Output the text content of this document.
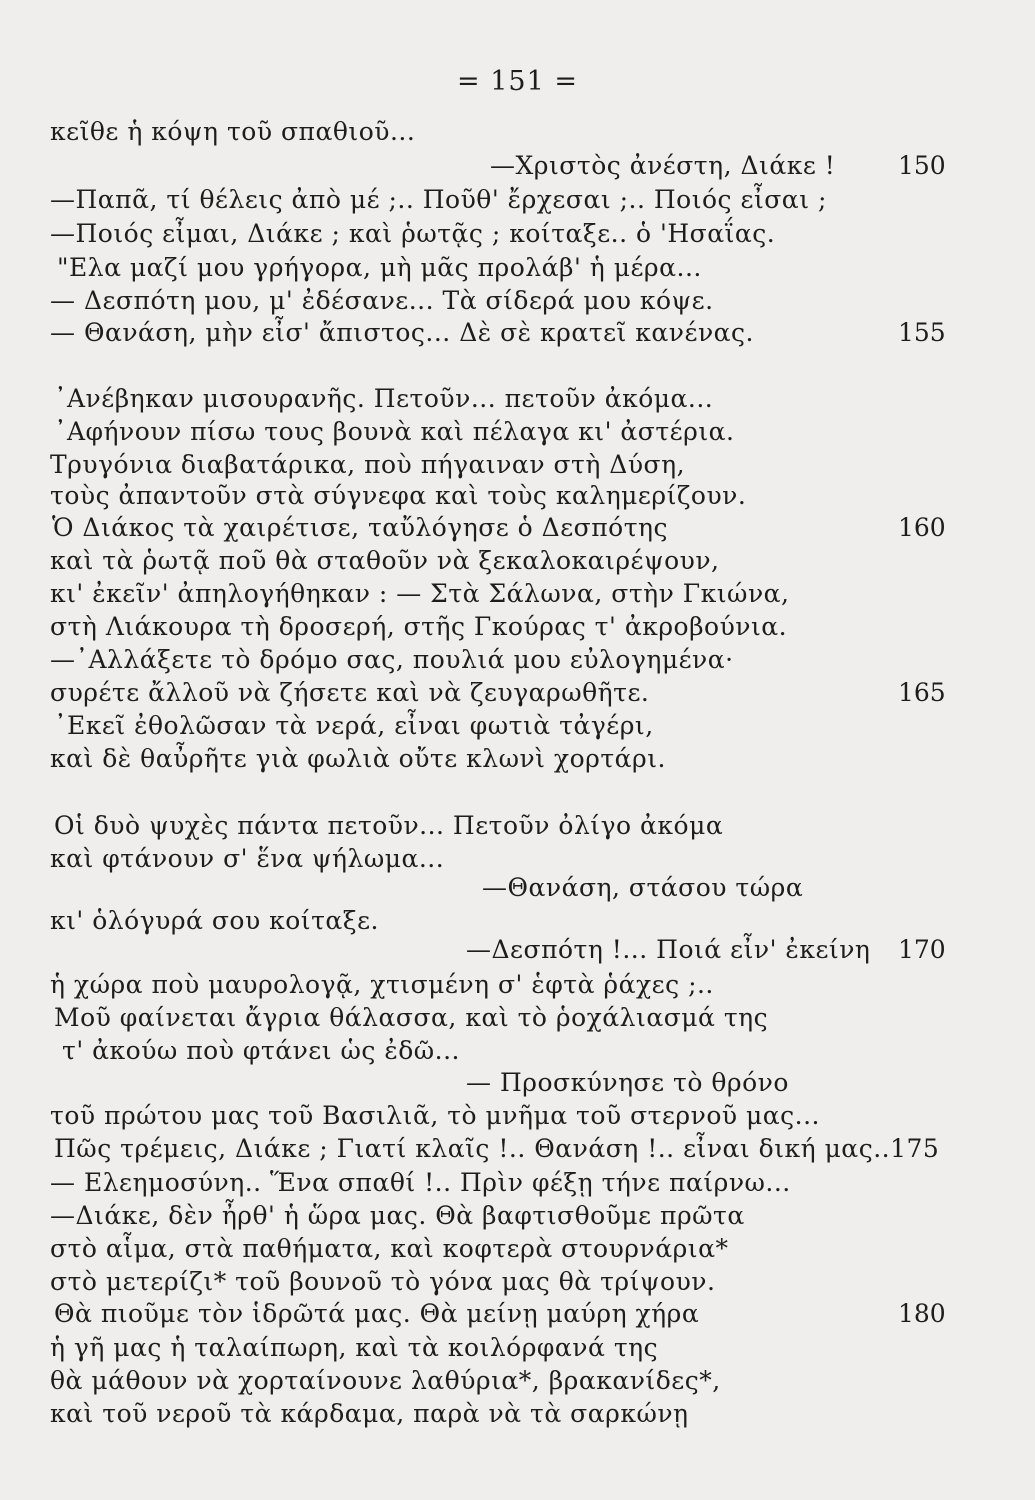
= 151 =
κεῖθε ἡ κόψη τοῦ σπαθιοῦ...
—Χριστὸς ἀνέστη, Διάκε !
—Παπᾶ, τί θέλεις ἀπὸ μέ ;.. Ποῦθ' ἔρχεσαι ;.. Ποιός εἶσαι ;
—Ποιός εἶμαι, Διάκε ; καὶ ῥωτᾷς ; κοίταξε.. ὁ 'Ησαΐας.
"Ελα μαζί μου γρήγορα, μὴ μᾶς προλάβ' ἡ μέρα...
— Δεσπότη μου, μ' ἐδέσανε... Τὰ σίδερά μου κόψε.
— Θανάση, μὴν εἶσ' ἄπιστος... Δὲ σὲ κρατεῖ κανένας.
᾿Ανέβηκαν μισουρανῆς. Πετοῦν... πετοῦν ἀκόμα...
᾿Αφήνουν πίσω τους βουνὰ καὶ πέλαγα κι' ἀστέρια.
Τρυγόνια διαβατάρικα, ποὺ πήγαιναν στὴ Δύση,
τοὺς ἀπαντοῦν στὰ σύγνεφα καὶ τοὺς καλημερίζουν.
Ὁ Διάκος τὰ χαιρέτισε, ταὔλόγησε ὁ Δεσπότης
καὶ τὰ ῥωτᾷ ποῦ θὰ σταθοῦν νὰ ξεκαλοκαιρέψουν,
κι' ἐκεῖν' ἀπηλογήθηκαν : — Στὰ Σάλωνα, στὴν Γκιώνα,
στὴ Λιάκουρα τὴ δροσερή, στῆς Γκούρας τ' ἀκροβούνια.
—᾿Αλλάξετε τὸ δρόμο σας, πουλιά μου εὐλογημένα·
συρέτε ἄλλοῦ νὰ ζήσετε καὶ νὰ ζευγαρωθῆτε.
᾿Εκεῖ ἐθολῶσαν τὰ νερά, εἶναι φωτιὰ τἀγέρι,
καὶ δὲ θαὖρῆτε γιὰ φωλιὰ οὔτε κλωνὶ χορτάρι.
Οἱ δυὸ ψυχὲς πάντα πετοῦν... Πετοῦν ὀλίγο ἀκόμα
καὶ φτάνουν σ' ἕνα ψήλωμα...
—Θανάση, στάσου τώρα
κι' ὁλόγυρά σου κοίταξε.
—Δεσπότη !... Ποιά εἶν' ἐκείνη
ἡ χώρα ποὺ μαυρολογᾷ, χτισμένη σ' ἑφτὰ ῥάχες ;..
Μοῦ φαίνεται ἄγρια θάλασσα, καὶ τὸ ῥοχάλιασμά της
τ' ἀκούω ποὺ φτάνει ὡς ἐδῶ...
— Προσκύνησε τὸ θρόνο
τοῦ πρώτου μας τοῦ Βασιλιᾶ, τὸ μνῆμα τοῦ στερνοῦ μας...
Πῶς τρέμεις, Διάκε ; Γιατί κλαῖς !.. Θανάση !.. εἶναι δική μας..175
— Ελεημοσύνη.. Ἕνα σπαθί !.. Πρὶν φέξῃ τήνε παίρνω...
—Διάκε, δὲν ἦρθ' ἡ ὥρα μας. Θὰ βαφτισθοῦμε πρῶτα
στὸ αἷμα, στὰ παθήματα, καὶ κοφτερὰ στουρνάρια*
στὸ μετερίζι* τοῦ βουνοῦ τὸ γόνα μας θὰ τρίψουν.
Θὰ πιοῦμε τὸν ἱδρῶτά μας. Θὰ μείνῃ μαύρη χήρα
ἡ γῆ μας ἡ ταλαίπωρη, καὶ τὰ κοιλόρφανά της
θὰ μάθουν νὰ χορταίνουνε λαθύρια*, βρακανίδες*,
καὶ τοῦ νεροῦ τὰ κάρδαμα, παρὰ νὰ τὰ σαρκώνῃ
150
155
160
165
170
180
